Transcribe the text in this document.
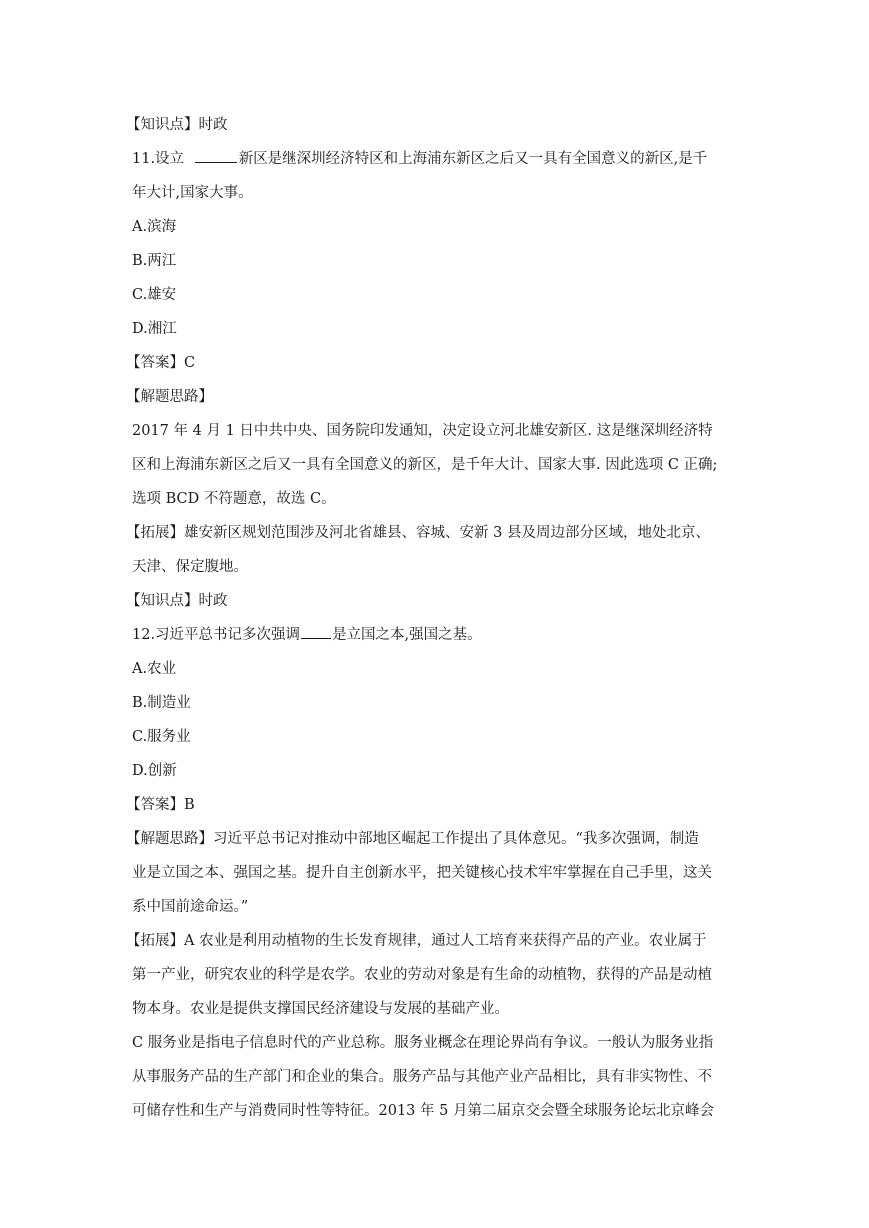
【知识点】时政
11.设立	新区是继深圳经济特区和上海浦东新区之后又一具有全国意义的新区,是千
年大计,国家大事。
A.滨海
B.两江
C.雄安
D.湘江
【答案】C
【解题思路】
2017 年 4 月 1 日中共中央、国务院印发通知，决定设立河北雄安新区. 这是继深圳经济特
区和上海浦东新区之后又一具有全国意义的新区，是千年大计、国家大事. 因此选项 C 正确;
选项 BCD 不符题意，故选 C。
【拓展】雄安新区规划范围涉及河北省雄县、容城、安新 3 县及周边部分区域，地处北京、
天津、保定腹地。
【知识点】时政
12.习近平总书记多次强调 是立国之本,强国之基。
A.农业
B.制造业
C.服务业
D.创新
【答案】B
【解题思路】习近平总书记对推动中部地区崛起工作提出了具体意见。“我多次强调，制造
业是立国之本、强国之基。提升自主创新水平，把关键核心技术牢牢掌握在自己手里，这关
系中国前途命运。”
【拓展】A 农业是利用动植物的生长发育规律，通过人工培育来获得产品的产业。农业属于
第一产业，研究农业的科学是农学。农业的劳动对象是有生命的动植物，获得的产品是动植
物本身。农业是提供支撑国民经济建设与发展的基础产业。
C 服务业是指电子信息时代的产业总称。服务业概念在理论界尚有争议。一般认为服务业指
从事服务产品的生产部门和企业的集合。服务产品与其他产业产品相比，具有非实物性、不
可储存性和生产与消费同时性等特征。2013 年 5 月第二届京交会暨全球服务论坛北京峰会
